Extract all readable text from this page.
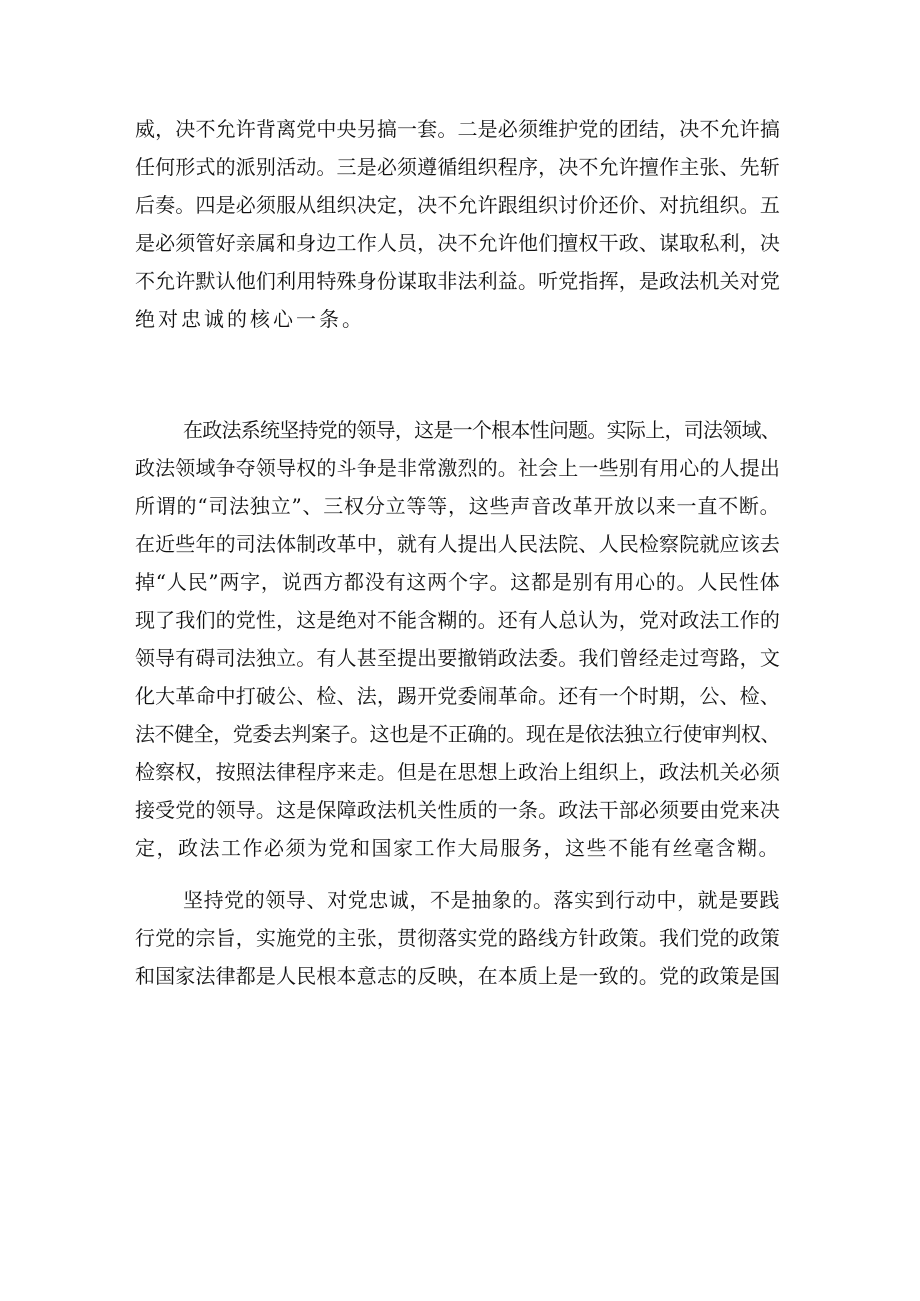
威，决不允许背离党中央另搞一套。二是必须维护党的团结，决不允许搞
任何形式的派别活动。三是必须遵循组织程序，决不允许擅作主张、先斩
后奏。四是必须服从组织决定，决不允许跟组织讨价还价、对抗组织。五
是必须管好亲属和身边工作人员，决不允许他们擅权干政、谋取私利，决
不允许默认他们利用特殊身份谋取非法利益。听党指挥，是政法机关对党
绝对忠诚的核心一条。
在政法系统坚持党的领导，这是一个根本性问题。实际上，司法领域、
政法领域争夺领导权的斗争是非常激烈的。社会上一些别有用心的人提出
所谓的“司法独立”、三权分立等等，这些声音改革开放以来一直不断。
在近些年的司法体制改革中，就有人提出人民法院、人民检察院就应该去
掉“人民”两字，说西方都没有这两个字。这都是别有用心的。人民性体
现了我们的党性，这是绝对不能含糊的。还有人总认为，党对政法工作的
领导有碍司法独立。有人甚至提出要撤销政法委。我们曾经走过弯路，文
化大革命中打破公、检、法，踢开党委闹革命。还有一个时期，公、检、
法不健全，党委去判案子。这也是不正确的。现在是依法独立行使审判权、
检察权，按照法律程序来走。但是在思想上政治上组织上，政法机关必须
接受党的领导。这是保障政法机关性质的一条。政法干部必须要由党来决
定，政法工作必须为党和国家工作大局服务，这些不能有丝毫含糊。
坚持党的领导、对党忠诚，不是抽象的。落实到行动中，就是要践
行党的宗旨，实施党的主张，贯彻落实党的路线方针政策。我们党的政策
和国家法律都是人民根本意志的反映，在本质上是一致的。党的政策是国
